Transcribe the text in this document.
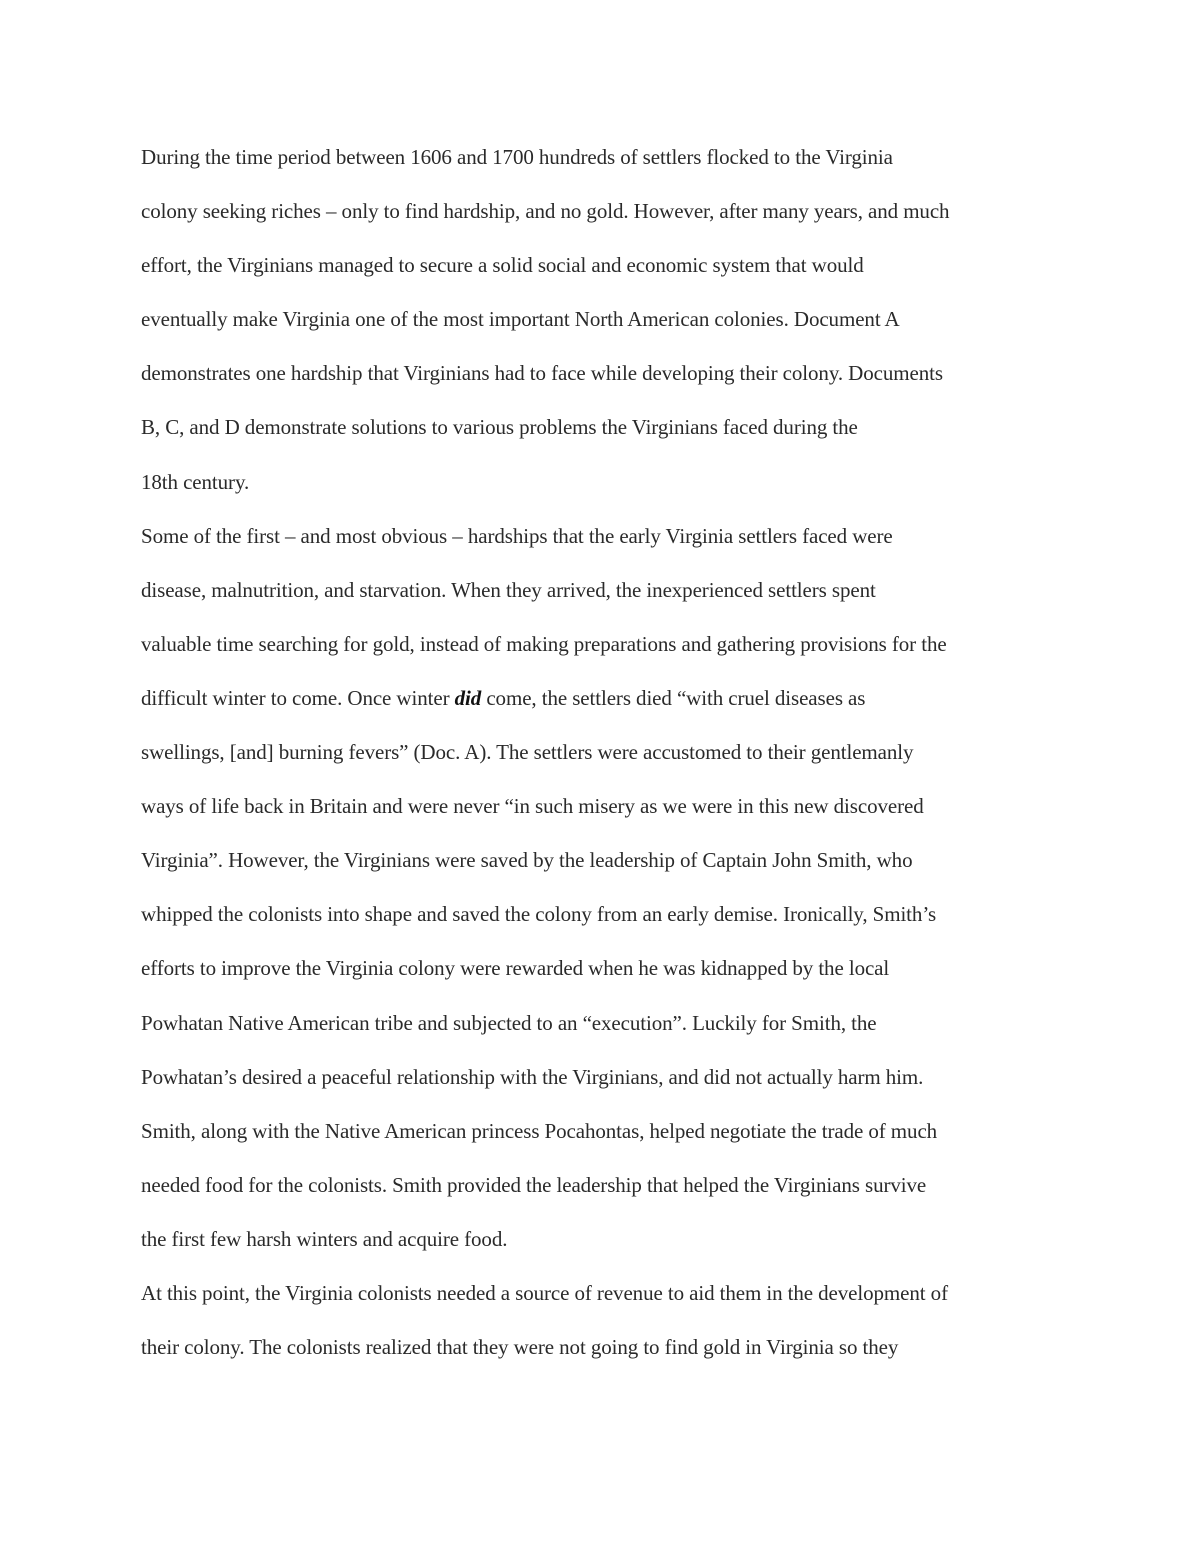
During the time period between 1606 and 1700 hundreds of settlers flocked to the Virginia
colony seeking riches – only to find hardship, and no gold. However, after many years, and much
effort, the Virginians managed to secure a solid social and economic system that would
eventually make Virginia one of the most important North American colonies. Document A
demonstrates one hardship that Virginians had to face while developing their colony. Documents
B, C, and D demonstrate solutions to various problems the Virginians faced during the
18th century.
Some of the first – and most obvious – hardships that the early Virginia settlers faced were
disease, malnutrition, and starvation. When they arrived, the inexperienced settlers spent
valuable time searching for gold, instead of making preparations and gathering provisions for the
difficult winter to come. Once winter did come, the settlers died “with cruel diseases as
swellings, [and] burning fevers” (Doc. A). The settlers were accustomed to their gentlemanly
ways of life back in Britain and were never “in such misery as we were in this new discovered
Virginia”. However, the Virginians were saved by the leadership of Captain John Smith, who
whipped the colonists into shape and saved the colony from an early demise. Ironically, Smith’s
efforts to improve the Virginia colony were rewarded when he was kidnapped by the local
Powhatan Native American tribe and subjected to an “execution”. Luckily for Smith, the
Powhatan’s desired a peaceful relationship with the Virginians, and did not actually harm him.
Smith, along with the Native American princess Pocahontas, helped negotiate the trade of much
needed food for the colonists. Smith provided the leadership that helped the Virginians survive
the first few harsh winters and acquire food.
At this point, the Virginia colonists needed a source of revenue to aid them in the development of
their colony. The colonists realized that they were not going to find gold in Virginia so they
